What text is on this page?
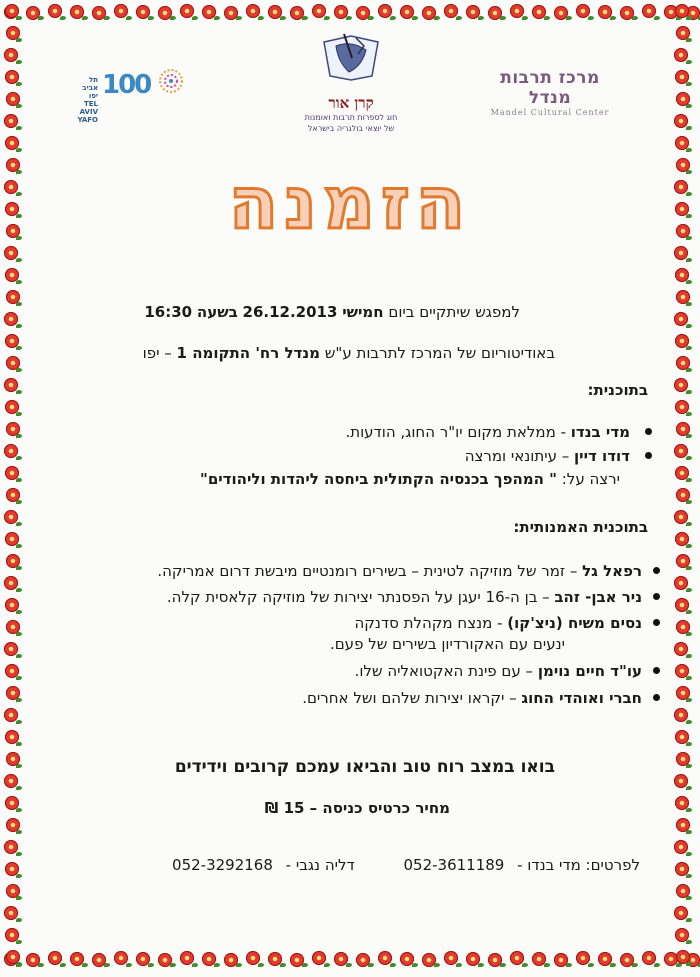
תל
אביב
יפו
TEL
AVIV
YAFO
100
קרן אור
חוג לספרות תרבות ואומנות
של יוצאי בולגריה בישראל
מרכז תרבות מנדל
Mandel Cultural Center
הזמנה
למפגש שיתקיים ביום חמישי 26.12.2013 בשעה 16:30
באודיטוריום של המרכז לתרבות ע"ש מנדל רח' התקומה 1 – יפו
בתוכנית:
מדי בנדו - ממלאת מקום יו"ר החוג, הודעות.
דודו דיין – עיתונאי ומרצה
ירצה על: " המהפך בכנסיה הקתולית ביחסה ליהדות וליהודים"
בתוכנית האמנותית:
רפאל גל – זמר של מוזיקה לטינית – בשירים רומנטיים מיבשת דרום אמריקה.
ניר אבן- זהב – בן ה-16 יעגן על הפסנתר יצירות של מוזיקה קלאסית קלה.
נסים משיח (ניצ'קו) - מנצח מקהלת סדנקה
ינעים עם האקורדיון בשירים של פעם.
עו"ד חיים נוימן – עם פינת האקטואליה שלו.
חברי ואוהדי החוג – יקראו יצירות שלהם ושל אחרים.
בואו במצב רוח טוב והביאו עמכם קרובים וידידים
מחיר כרטיס כניסה – 15 ₪
לפרטים: מדי בנדו - 052-3611189 דליה נגבי - 052-3292168
